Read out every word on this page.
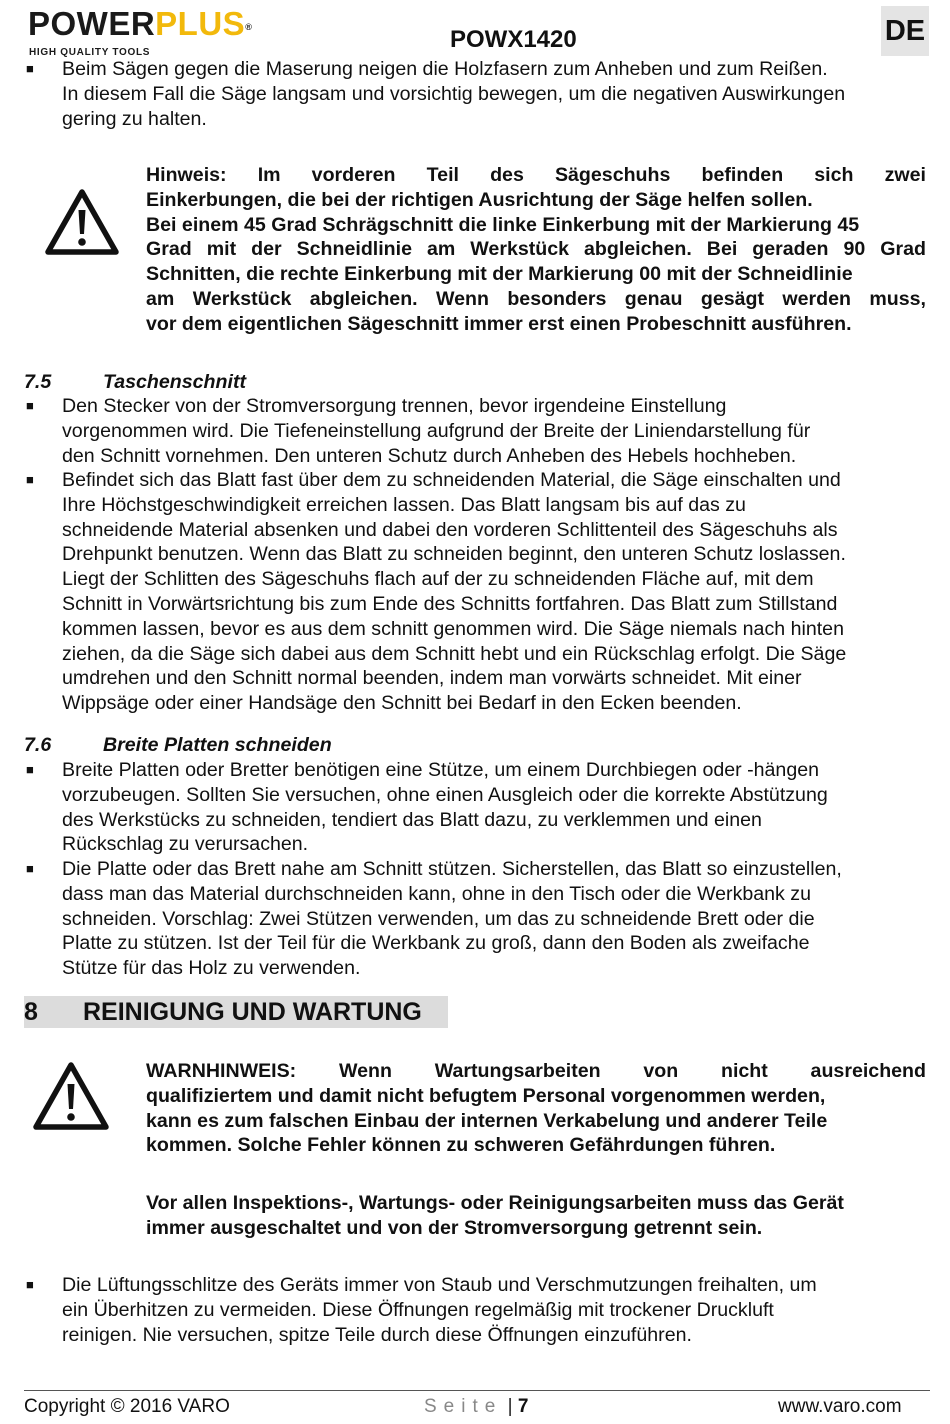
POWERPLUS®
HIGH QUALITY TOOLS	POWX1420	DE
■ Beim Sägen gegen die Maserung neigen die Holzfasern zum Anheben und zum Reißen.
In diesem Fall die Säge langsam und vorsichtig bewegen, um die negativen Auswirkungen
gering zu halten.
Hinweis: Im vorderen Teil des Sägeschuhs befinden sich zwei
Einkerbungen, die bei der richtigen Ausrichtung der Säge helfen sollen.
Bei einem 45 Grad Schrägschnitt die linke Einkerbung mit der Markierung 45
Grad mit der Schneidlinie am Werkstück abgleichen. Bei geraden 90 Grad
Schnitten, die rechte Einkerbung mit der Markierung 00 mit der Schneidlinie
am Werkstück abgleichen. Wenn besonders genau gesägt werden muss,
vor dem eigentlichen Sägeschnitt immer erst einen Probeschnitt ausführen.
7.5	Taschenschnitt
■ Den Stecker von der Stromversorgung trennen, bevor irgendeine Einstellung
vorgenommen wird. Die Tiefeneinstellung aufgrund der Breite der Liniendarstellung für
den Schnitt vornehmen. Den unteren Schutz durch Anheben des Hebels hochheben.
■ Befindet sich das Blatt fast über dem zu schneidenden Material, die Säge einschalten und
Ihre Höchstgeschwindigkeit erreichen lassen. Das Blatt langsam bis auf das zu
schneidende Material absenken und dabei den vorderen Schlittenteil des Sägeschuhs als
Drehpunkt benutzen. Wenn das Blatt zu schneiden beginnt, den unteren Schutz loslassen.
Liegt der Schlitten des Sägeschuhs flach auf der zu schneidenden Fläche auf, mit dem
Schnitt in Vorwärtsrichtung bis zum Ende des Schnitts fortfahren. Das Blatt zum Stillstand
kommen lassen, bevor es aus dem schnitt genommen wird. Die Säge niemals nach hinten
ziehen, da die Säge sich dabei aus dem Schnitt hebt und ein Rückschlag erfolgt. Die Säge
umdrehen und den Schnitt normal beenden, indem man vorwärts schneidet. Mit einer
Wippsäge oder einer Handsäge den Schnitt bei Bedarf in den Ecken beenden.
7.6	Breite Platten schneiden
■ Breite Platten oder Bretter benötigen eine Stütze, um einem Durchbiegen oder -hängen
vorzubeugen. Sollten Sie versuchen, ohne einen Ausgleich oder die korrekte Abstützung
des Werkstücks zu schneiden, tendiert das Blatt dazu, zu verklemmen und einen
Rückschlag zu verursachen.
■ Die Platte oder das Brett nahe am Schnitt stützen. Sicherstellen, das Blatt so einzustellen,
dass man das Material durchschneiden kann, ohne in den Tisch oder die Werkbank zu
schneiden. Vorschlag: Zwei Stützen verwenden, um das zu schneidende Brett oder die
Platte zu stützen. Ist der Teil für die Werkbank zu groß, dann den Boden als zweifache
Stütze für das Holz zu verwenden.
8 REINIGUNG UND WARTUNG
WARNHINWEIS: Wenn Wartungsarbeiten von nicht ausreichend
qualifiziertem und damit nicht befugtem Personal vorgenommen werden,
kann es zum falschen Einbau der internen Verkabelung und anderer Teile
kommen. Solche Fehler können zu schweren Gefährdungen führen.
Vor allen Inspektions-, Wartungs- oder Reinigungsarbeiten muss das Gerät
immer ausgeschaltet und von der Stromversorgung getrennt sein.
■ Die Lüftungsschlitze des Geräts immer von Staub und Verschmutzungen freihalten, um
ein Überhitzen zu vermeiden. Diese Öffnungen regelmäßig mit trockener Druckluft
reinigen. Nie versuchen, spitze Teile durch diese Öffnungen einzuführen.
Copyright © 2016 VARO	Seite | 7	www.varo.com
